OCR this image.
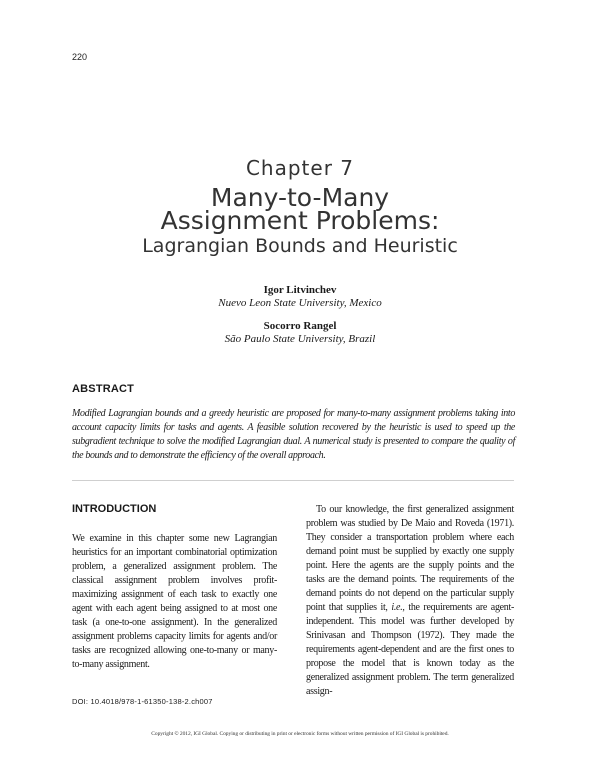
220
Chapter 7
Many-to-Many
Assignment Problems:
Lagrangian Bounds and Heuristic
Igor Litvinchev
Nuevo Leon State University, Mexico
Socorro Rangel
São Paulo State University, Brazil
ABSTRACT
Modified Lagrangian bounds and a greedy heuristic are proposed for many-to-many assignment problems taking into account capacity limits for tasks and agents. A feasible solution recovered by the heuristic is used to speed up the subgradient technique to solve the modified Lagrangian dual. A numerical study is presented to compare the quality of the bounds and to demonstrate the efficiency of the overall approach.
INTRODUCTION
We examine in this chapter some new Lagrangian heuristics for an important combinatorial optimization problem, a generalized assignment problem. The classical assignment problem involves profit-maximizing assignment of each task to exactly one agent with each agent being assigned to at most one task (a one-to-one assignment). In the generalized assignment problems capacity limits for agents and/or tasks are recognized allowing one-to-many or many-to-many assignment.
To our knowledge, the first generalized assignment problem was studied by De Maio and Roveda (1971). They consider a transportation problem where each demand point must be supplied by exactly one supply point. Here the agents are the supply points and the tasks are the demand points. The requirements of the demand points do not depend on the particular supply point that supplies it, i.e., the requirements are agent-independent. This model was further developed by Srinivasan and Thompson (1972). They made the requirements agent-dependent and are the first ones to propose the model that is known today as the generalized assignment problem. The term generalized assign-
DOI: 10.4018/978-1-61350-138-2.ch007
Copyright © 2012, IGI Global. Copying or distributing in print or electronic forms without written permission of IGI Global is prohibited.
